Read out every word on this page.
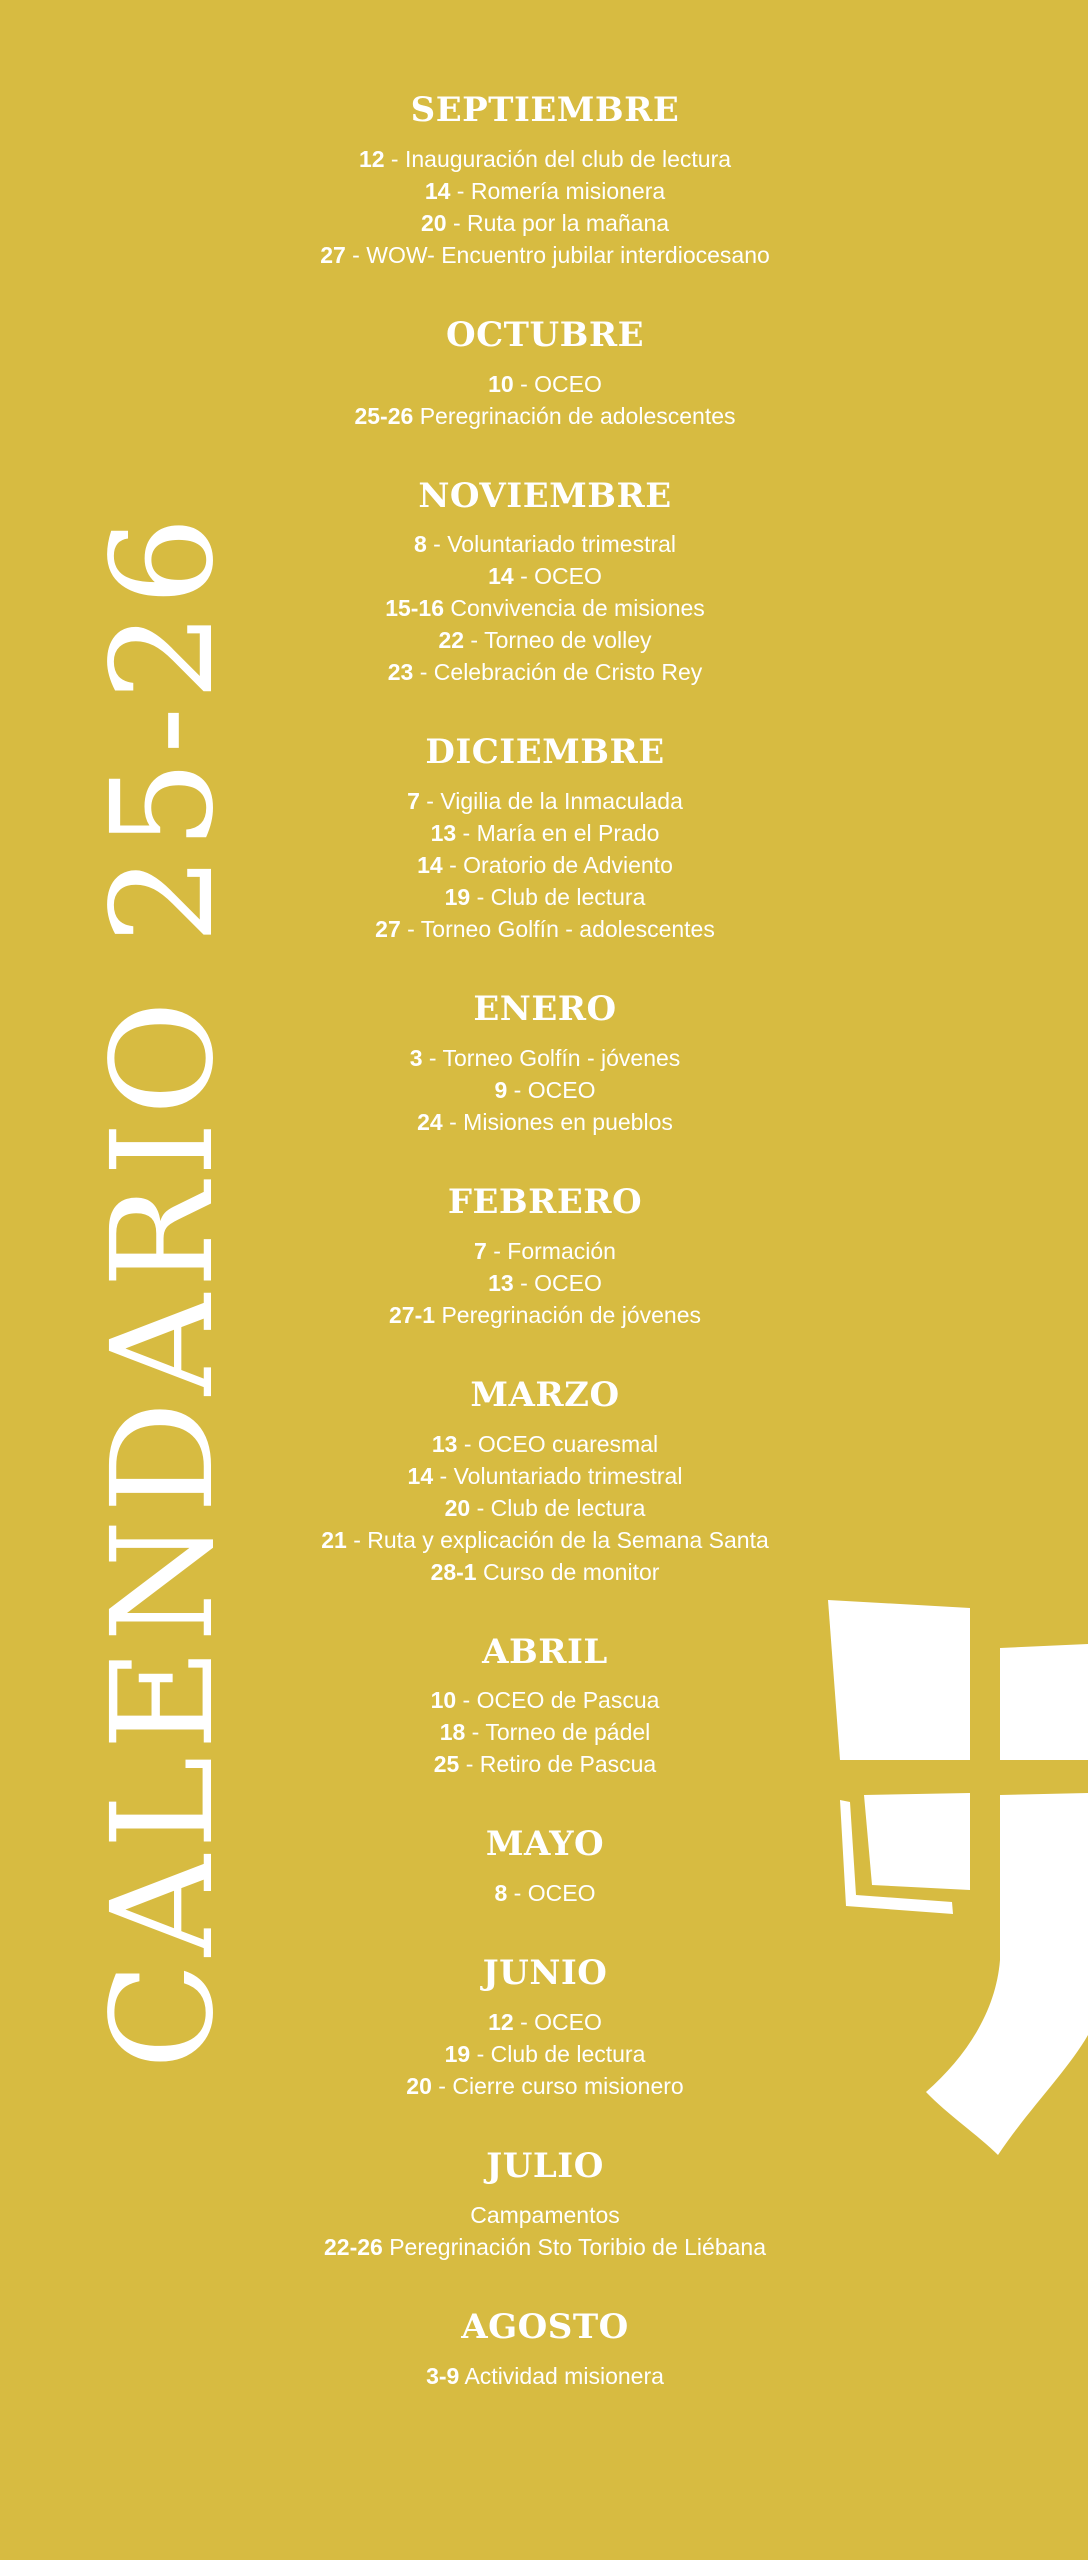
CALENDARIO 25-26
SEPTIEMBRE

12 - Inauguración del club de lectura

14 - Romería misionera

20 - Ruta por la mañana

27 - WOW- Encuentro jubilar interdiocesano

OCTUBRE

10 - OCEO

25-26 Peregrinación de adolescentes

NOVIEMBRE

8 - Voluntariado trimestral

14 - OCEO

15-16 Convivencia de misiones

22 - Torneo de volley

23 - Celebración de Cristo Rey

DICIEMBRE

7 - Vigilia de la Inmaculada

13 - María en el Prado

14 - Oratorio de Adviento

19 - Club de lectura

27 - Torneo Golfín - adolescentes

ENERO

3 - Torneo Golfín - jóvenes

9 - OCEO

24 - Misiones en pueblos

FEBRERO

7 - Formación

13 - OCEO

27-1 Peregrinación de jóvenes

MARZO

13 - OCEO cuaresmal

14 - Voluntariado trimestral

20 - Club de lectura

21 - Ruta y explicación de la Semana Santa

28-1 Curso de monitor

ABRIL

10 - OCEO de Pascua

18 - Torneo de pádel

25 - Retiro de Pascua

MAYO

8 - OCEO

JUNIO

12 - OCEO

19 - Club de lectura

20 - Cierre curso misionero

JULIO

Campamentos

22-26 Peregrinación Sto Toribio de Liébana

AGOSTO

3-9 Actividad misionera
